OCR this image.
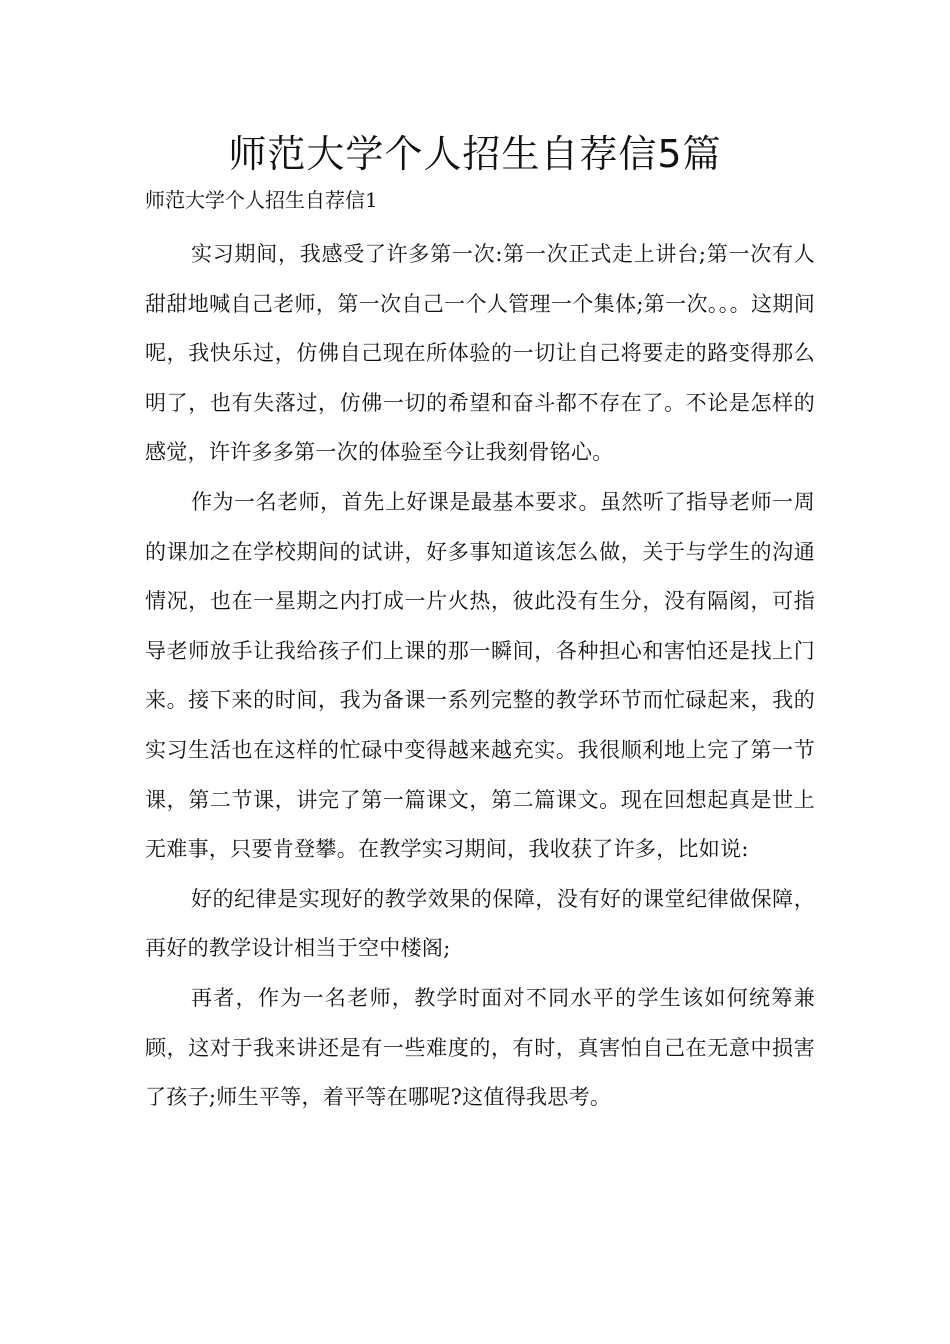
师范大学个人招生自荐信5篇
师范大学个人招生自荐信1

实习期间，我感受了许多第一次:第一次正式走上讲台;第一次有人甜甜地喊自己老师，第一次自己一个人管理一个集体;第一次。。。这期间呢，我快乐过，仿佛自己现在所体验的一切让自己将要走的路变得那么明了，也有失落过，仿佛一切的希望和奋斗都不存在了。不论是怎样的感觉，许许多多第一次的体验至今让我刻骨铭心。

作为一名老师，首先上好课是最基本要求。虽然听了指导老师一周的课加之在学校期间的试讲，好多事知道该怎么做，关于与学生的沟通情况，也在一星期之内打成一片火热，彼此没有生分，没有隔阂，可指导老师放手让我给孩子们上课的那一瞬间，各种担心和害怕还是找上门来。接下来的时间，我为备课一系列完整的教学环节而忙碌起来，我的实习生活也在这样的忙碌中变得越来越充实。我很顺利地上完了第一节课，第二节课，讲完了第一篇课文，第二篇课文。现在回想起真是世上无难事，只要肯登攀。在教学实习期间，我收获了许多，比如说:

好的纪律是实现好的教学效果的保障，没有好的课堂纪律做保障，再好的教学设计相当于空中楼阁;

再者，作为一名老师，教学时面对不同水平的学生该如何统筹兼顾，这对于我来讲还是有一些难度的，有时，真害怕自己在无意中损害了孩子;师生平等，着平等在哪呢?这值得我思考。
